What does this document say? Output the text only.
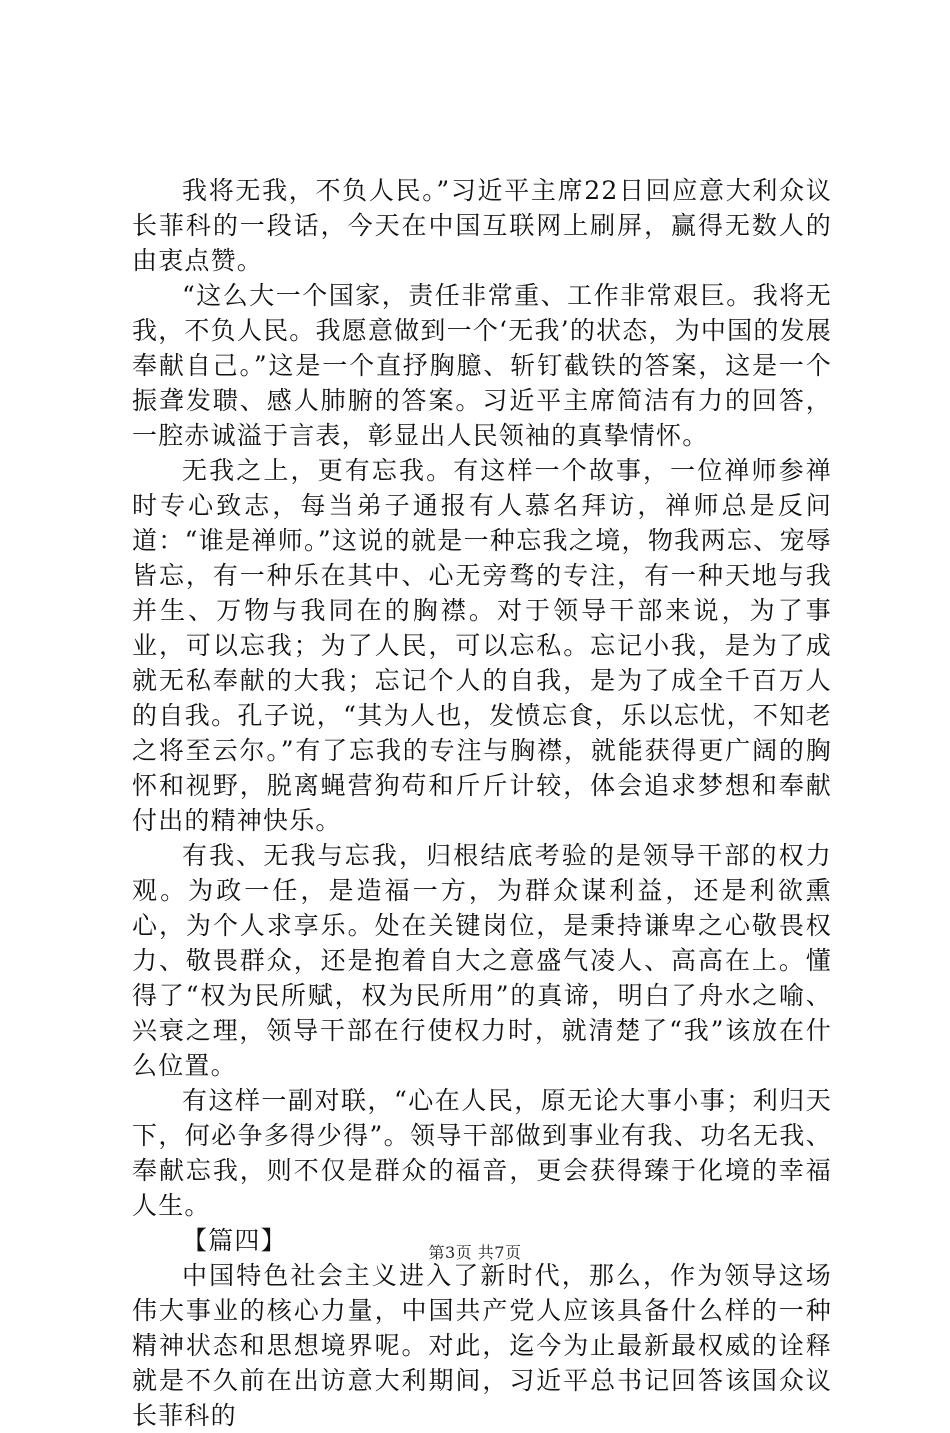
我将无我，不负人民。”习近平主席22日回应意大利众议长菲科的一段话，今天在中国互联网上刷屏，赢得无数人的由衷点赞。

“这么大一个国家，责任非常重、工作非常艰巨。我将无我，不负人民。我愿意做到一个‘无我’的状态，为中国的发展奉献自己。”这是一个直抒胸臆、斩钉截铁的答案，这是一个振聋发聩、感人肺腑的答案。习近平主席简洁有力的回答，一腔赤诚溢于言表，彰显出人民领袖的真挚情怀。

无我之上，更有忘我。有这样一个故事，一位禅师参禅时专心致志，每当弟子通报有人慕名拜访，禅师总是反问道：“谁是禅师。”这说的就是一种忘我之境，物我两忘、宠辱皆忘，有一种乐在其中、心无旁骛的专注，有一种天地与我并生、万物与我同在的胸襟。对于领导干部来说，为了事业，可以忘我；为了人民，可以忘私。忘记小我，是为了成就无私奉献的大我；忘记个人的自我，是为了成全千百万人的自我。孔子说，“其为人也，发愤忘食，乐以忘忧，不知老之将至云尔。”有了忘我的专注与胸襟，就能获得更广阔的胸怀和视野，脱离蝇营狗苟和斤斤计较，体会追求梦想和奉献付出的精神快乐。

有我、无我与忘我，归根结底考验的是领导干部的权力观。为政一任，是造福一方，为群众谋利益，还是利欲熏心，为个人求享乐。处在关键岗位，是秉持谦卑之心敬畏权力、敬畏群众，还是抱着自大之意盛气凌人、高高在上。懂得了“权为民所赋，权为民所用”的真谛，明白了舟水之喻、兴衰之理，领导干部在行使权力时，就清楚了“我”该放在什么位置。

有这样一副对联，“心在人民，原无论大事小事；利归天下，何必争多得少得”。领导干部做到事业有我、功名无我、奉献忘我，则不仅是群众的福音，更会获得臻于化境的幸福人生。

【篇四】

中国特色社会主义进入了新时代，那么，作为领导这场伟大事业的核心力量，中国共产党人应该具备什么样的一种精神状态和思想境界呢。对此，迄今为止最新最权威的诠释就是不久前在出访意大利期间，习近平总书记回答该国众议长菲科的

第3页 共7页
